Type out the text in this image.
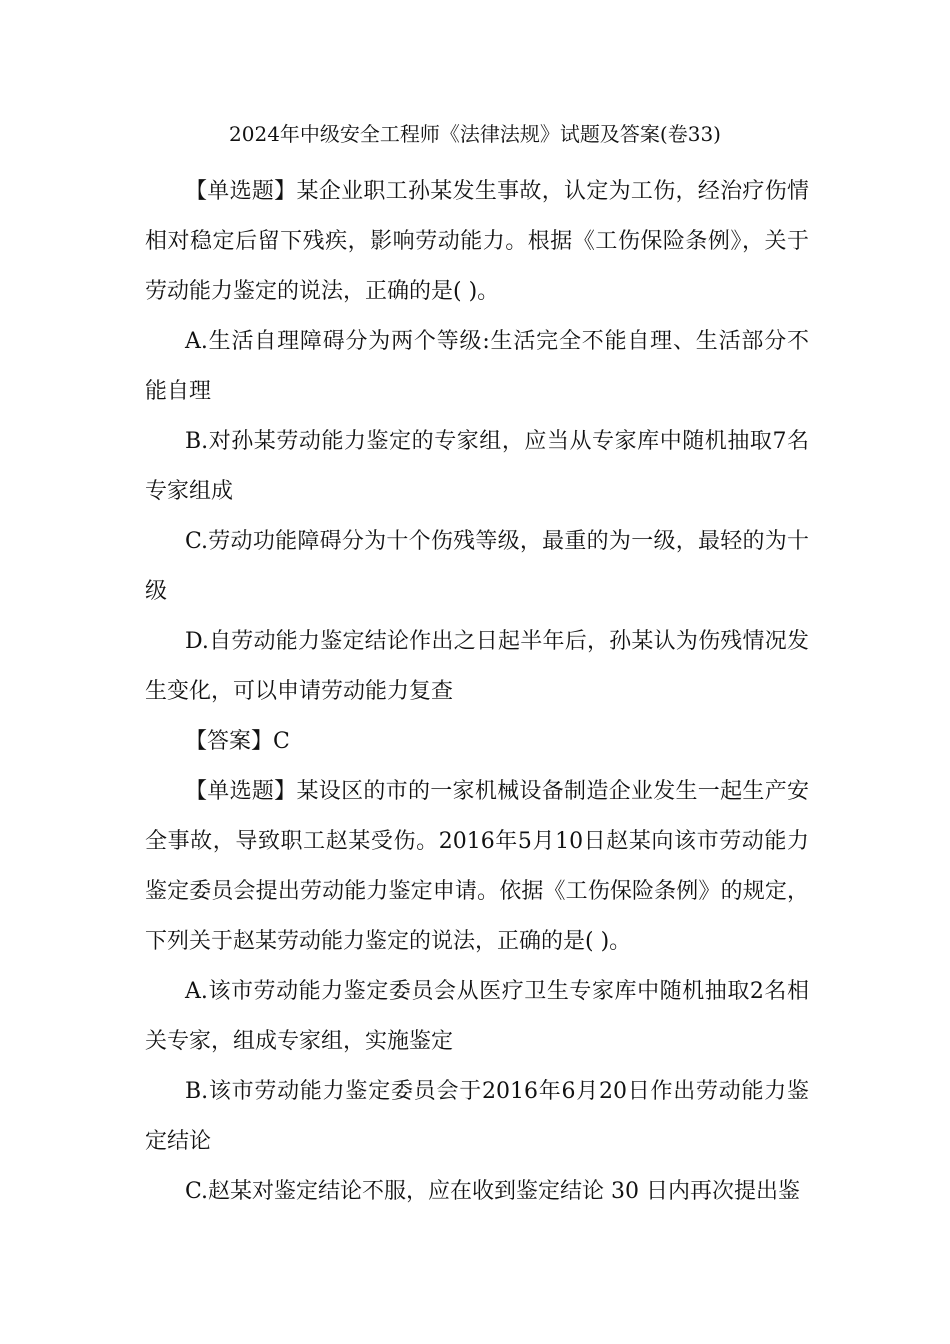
2024年中级安全工程师《法律法规》试题及答案(卷33)

【单选题】某企业职工孙某发生事故，认定为工伤，经治疗伤情相对稳定后留下残疾，影响劳动能力。根据《工伤保险条例》，关于劳动能力鉴定的说法，正确的是( )。

A.生活自理障碍分为两个等级:生活完全不能自理、生活部分不能自理

B.对孙某劳动能力鉴定的专家组，应当从专家库中随机抽取7名专家组成

C.劳动功能障碍分为十个伤残等级，最重的为一级，最轻的为十级

D.自劳动能力鉴定结论作出之日起半年后，孙某认为伤残情况发生变化，可以申请劳动能力复查

【答案】C

【单选题】某设区的市的一家机械设备制造企业发生一起生产安全事故，导致职工赵某受伤。2016年5月10日赵某向该市劳动能力鉴定委员会提出劳动能力鉴定申请。依据《工伤保险条例》的规定，下列关于赵某劳动能力鉴定的说法，正确的是( )。

A.该市劳动能力鉴定委员会从医疗卫生专家库中随机抽取2名相关专家，组成专家组，实施鉴定

B.该市劳动能力鉴定委员会于2016年6月20日作出劳动能力鉴定结论

C.赵某对鉴定结论不服，应在收到鉴定结论 30 日内再次提出鉴
